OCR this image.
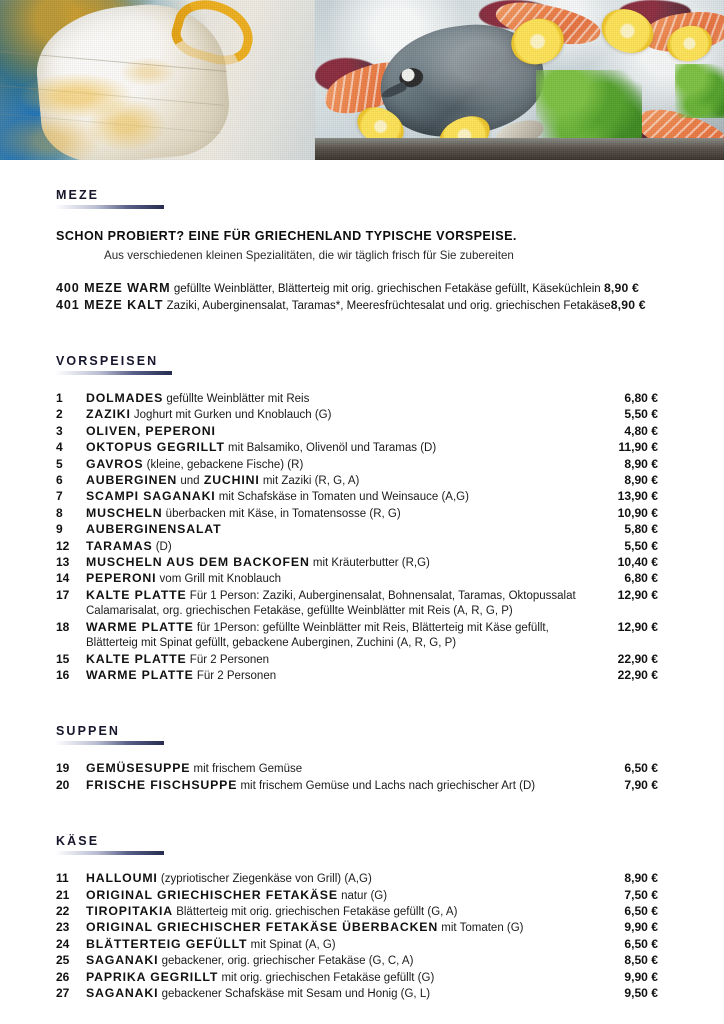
MEZE

SCHON PROBIERT? EINE FÜR GRIECHENLAND TYPISCHE VORSPEISE.

Aus verschiedenen kleinen Spezialitäten, die wir täglich frisch für Sie zubereiten

400 MEZE WARM gefüllte Weinblätter, Blätterteig mit orig. griechischen Fetakäse gefüllt, Käseküchlein 8,90 €
401 MEZE KALT Zaziki, Auberginensalat, Taramas*, Meeresfrüchtesalat und orig. griechischen Fetakäse8,90 €
VORSPEISEN
1	DOLMADES gefüllte Weinblätter mit Reis	6,80 €
2	ZAZIKI Joghurt mit Gurken und Knoblauch (G)	5,50 €
3	OLIVEN, PEPERONI	4,80 €
4	OKTOPUS GEGRILLT mit Balsamiko, Olivenöl und Taramas (D)	11,90 €
5	GAVROS (kleine, gebackene Fische) (R)	8,90 €
6	AUBERGINEN und ZUCHINI mit Zaziki (R, G, A)	8,90 €
7	SCAMPI SAGANAKI mit Schafskäse in Tomaten und Weinsauce (A,G)	13,90 €
8	MUSCHELN überbacken mit Käse, in Tomatensosse (R, G)	10,90 €
9	AUBERGINENSALAT	5,80 €
12	TARAMAS (D)	5,50 €
13	MUSCHELN AUS DEM BACKOFEN mit Kräuterbutter (R,G)	10,40 €
14	PEPERONI vom Grill mit Knoblauch	6,80 €
17	KALTE PLATTE Für 1 Person: Zaziki, Auberginensalat, Bohnensalat, Taramas, Oktopussalat
Calamarisalat, org. griechischen Fetakäse, gefüllte Weinblätter mit Reis (A, R, G, P)	12,90 €
18	WARME PLATTE für 1Person: gefüllte Weinblätter mit Reis, Blätterteig mit Käse gefüllt,
Blätterteig mit Spinat gefüllt, gebackene Auberginen, Zuchini (A, R, G, P)	12,90 €
15	KALTE PLATTE Für 2 Personen	22,90 €
16	WARME PLATTE Für 2 Personen	22,90 €
SUPPEN
19	GEMÜSESUPPE mit frischem Gemüse	6,50 €
20	FRISCHE FISCHSUPPE mit frischem Gemüse und Lachs nach griechischer Art (D)	7,90 €
KÄSE
11	HALLOUMI (zypriotischer Ziegenkäse von Grill) (A,G)	8,90 €
21	ORIGINAL GRIECHISCHER FETAKÄSE natur (G)	7,50 €
22	TIROPITAKIA Blätterteig mit orig. griechischen Fetakäse gefüllt (G, A)	6,50 €
23	ORIGINAL GRIECHISCHER FETAKÄSE ÜBERBACKEN mit Tomaten (G)	9,90 €
24	BLÄTTERTEIG GEFÜLLT mit Spinat (A, G)	6,50 €
25	SAGANAKI gebackener, orig. griechischer Fetakäse (G, C, A)	8,50 €
26	PAPRIKA GEGRILLT mit orig. griechischen Fetakäse gefüllt (G)	9,90 €
27	SAGANAKI gebackener Schafskäse mit Sesam und Honig (G, L)	9,50 €
